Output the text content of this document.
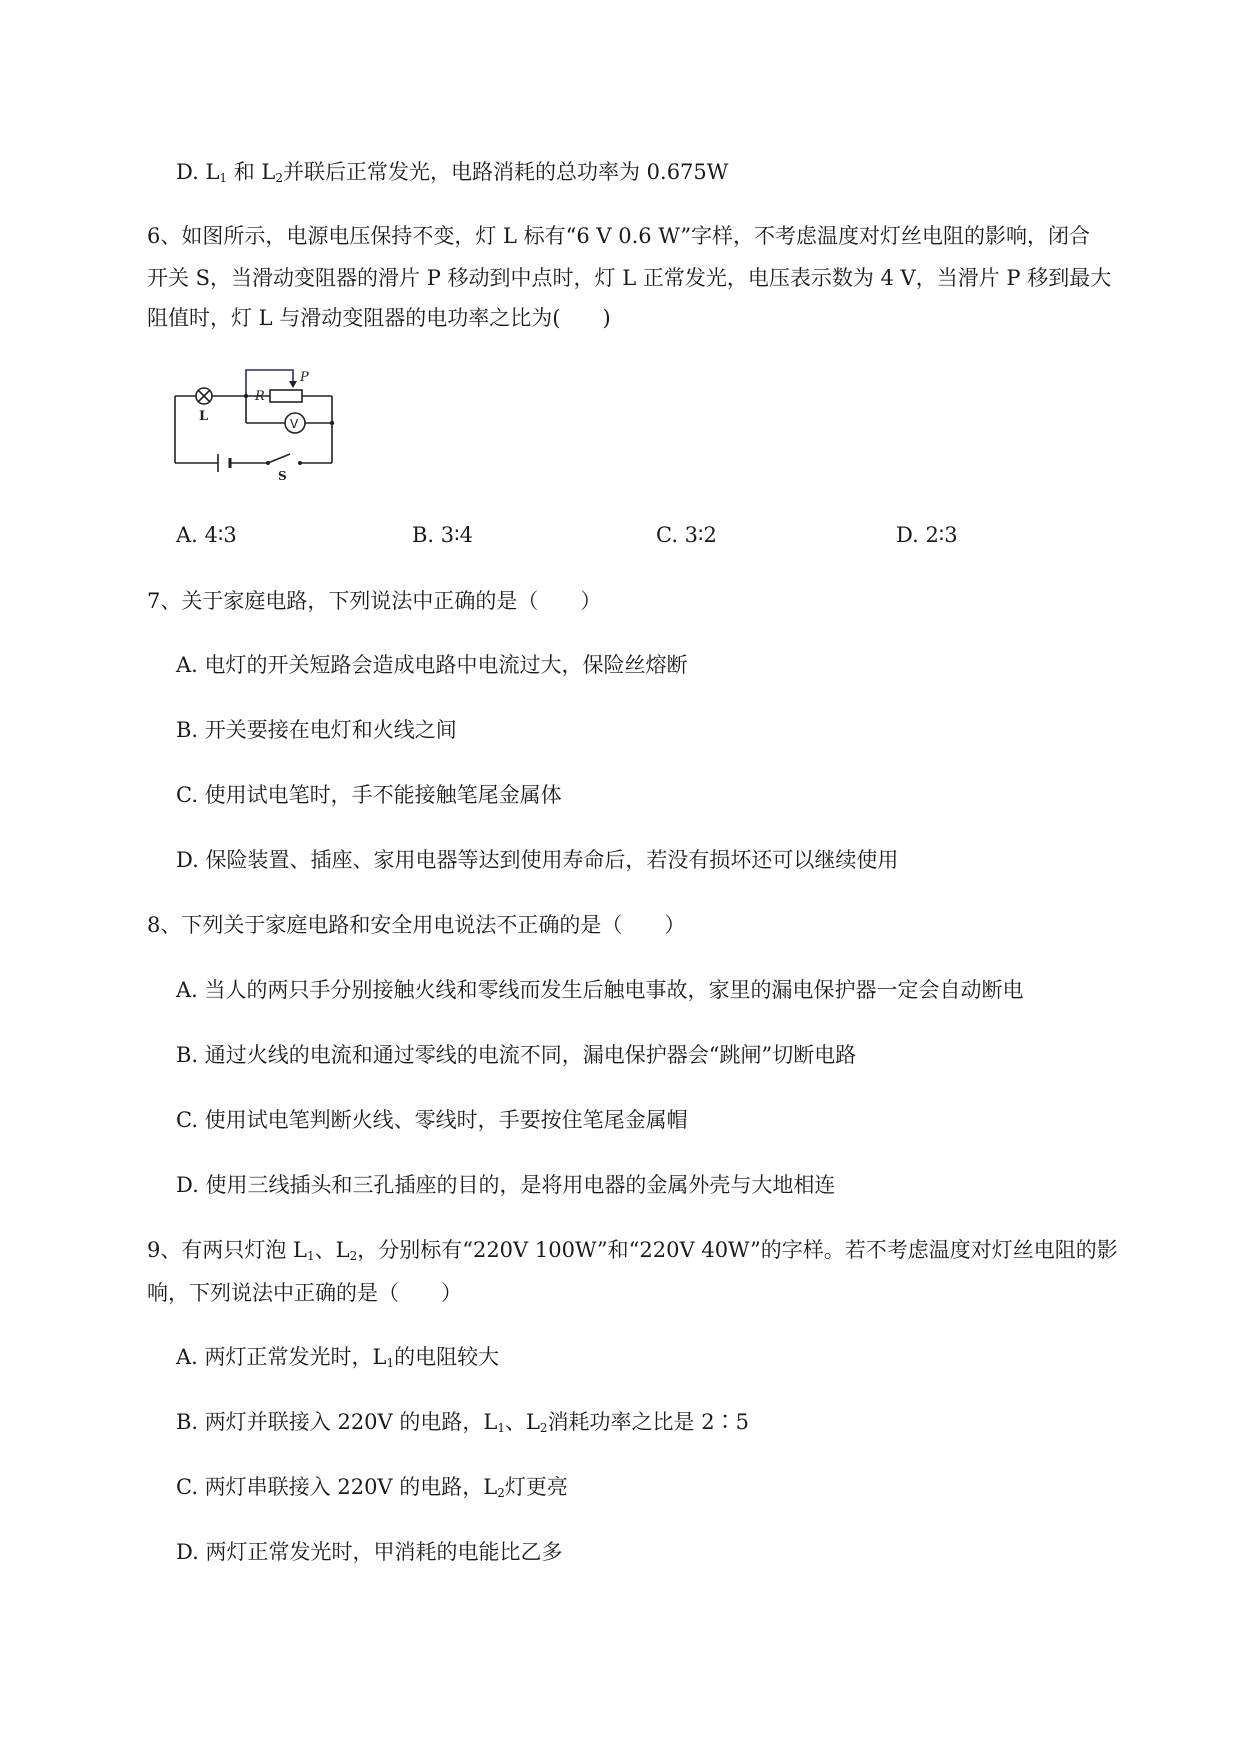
D. $L_1$ 和 $L_2$并联后正常发光，电路消耗的总功率为 0.675W
6、如图所示，电源电压保持不变，灯 L 标有“6 V 0.6 W”字样，不考虑温度对灯丝电阻的影响，闭合
开关 S，当滑动变阻器的滑片 P 移动到中点时，灯 L 正常发光，电压表示数为 4 V，当滑片 P 移到最大
阻值时，灯 L 与滑动变阻器的电功率之比为(　　)
L
R
P
V
S
A. 4∶3	B. 3∶4	C. 3∶2	D. 2∶3
7、关于家庭电路，下列说法中正确的是（　　）
A. 电灯的开关短路会造成电路中电流过大，保险丝熔断
B. 开关要接在电灯和火线之间
C. 使用试电笔时，手不能接触笔尾金属体
D. 保险装置、插座、家用电器等达到使用寿命后，若没有损坏还可以继续使用
8、下列关于家庭电路和安全用电说法不正确的是（　　）
A. 当人的两只手分别接触火线和零线而发生后触电事故，家里的漏电保护器一定会自动断电
B. 通过火线的电流和通过零线的电流不同，漏电保护器会“跳闸”切断电路
C. 使用试电笔判断火线、零线时，手要按住笔尾金属帽
D. 使用三线插头和三孔插座的目的，是将用电器的金属外壳与大地相连
9、有两只灯泡 $L_1$、$L_2$，分别标有“220V 100W”和“220V 40W”的字样。若不考虑温度对灯丝电阻的影
响，下列说法中正确的是（　　）
A. 两灯正常发光时，$L_1$的电阻较大
B. 两灯并联接入 220V 的电路，$L_1$、$L_2$消耗功率之比是 2∶5
C. 两灯串联接入 220V 的电路，$L_2$灯更亮
D. 两灯正常发光时，甲消耗的电能比乙多
